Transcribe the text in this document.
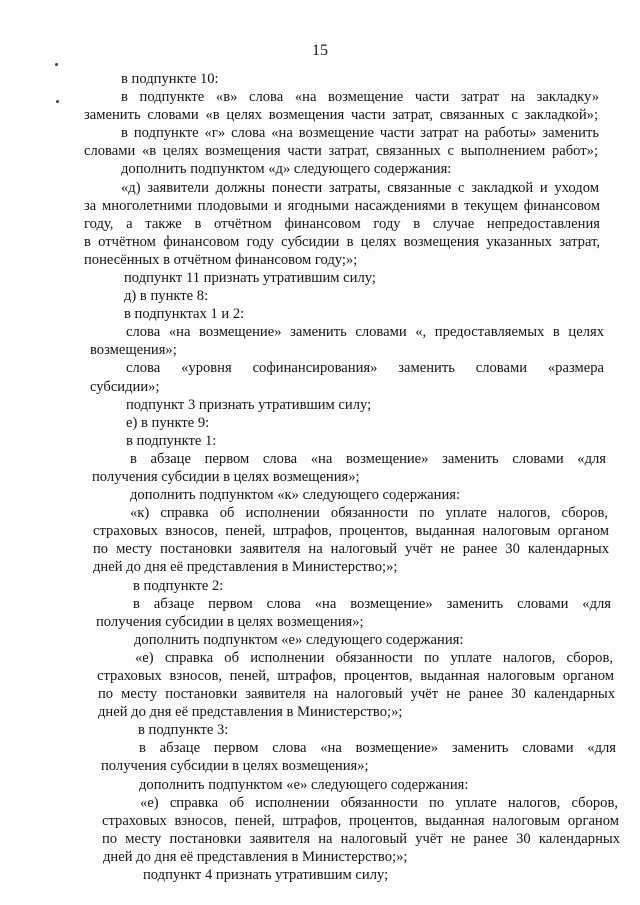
15
в подпункте 10:
в подпункте «в» слова «на возмещение части затрат на закладку»
заменить словами «в целях возмещения части затрат, связанных с закладкой»;
в подпункте «г» слова «на возмещение части затрат на работы» заменить
словами «в целях возмещения части затрат, связанных с выполнением работ»;
дополнить подпунктом «д» следующего содержания:
«д) заявители должны понести затраты, связанные с закладкой и уходом
за многолетними плодовыми и ягодными насаждениями в текущем финансовом
году, а также в отчётном финансовом году в случае непредоставления
в отчётном финансовом году субсидии в целях возмещения указанных затрат,
понесённых в отчётном финансовом году;»;
подпункт 11 признать утратившим силу;
д) в пункте 8:
в подпунктах 1 и 2:
слова «на возмещение» заменить словами «, предоставляемых в целях
возмещения»;
слова «уровня софинансирования» заменить словами «размера
субсидии»;
подпункт 3 признать утратившим силу;
е) в пункте 9:
в подпункте 1:
в абзаце первом слова «на возмещение» заменить словами «для
получения субсидии в целях возмещения»;
дополнить подпунктом «к» следующего содержания:
«к) справка об исполнении обязанности по уплате налогов, сборов,
страховых взносов, пеней, штрафов, процентов, выданная налоговым органом
по месту постановки заявителя на налоговый учёт не ранее 30 календарных
дней до дня её представления в Министерство;»;
в подпункте 2:
в абзаце первом слова «на возмещение» заменить словами «для
получения субсидии в целях возмещения»;
дополнить подпунктом «е» следующего содержания:
«е) справка об исполнении обязанности по уплате налогов, сборов,
страховых взносов, пеней, штрафов, процентов, выданная налоговым органом
по месту постановки заявителя на налоговый учёт не ранее 30 календарных
дней до дня её представления в Министерство;»;
в подпункте 3:
в абзаце первом слова «на возмещение» заменить словами «для
получения субсидии в целях возмещения»;
дополнить подпунктом «е» следующего содержания:
«е) справка об исполнении обязанности по уплате налогов, сборов,
страховых взносов, пеней, штрафов, процентов, выданная налоговым органом
по месту постановки заявителя на налоговый учёт не ранее 30 календарных
дней до дня её представления в Министерство;»;
подпункт 4 признать утратившим силу;
